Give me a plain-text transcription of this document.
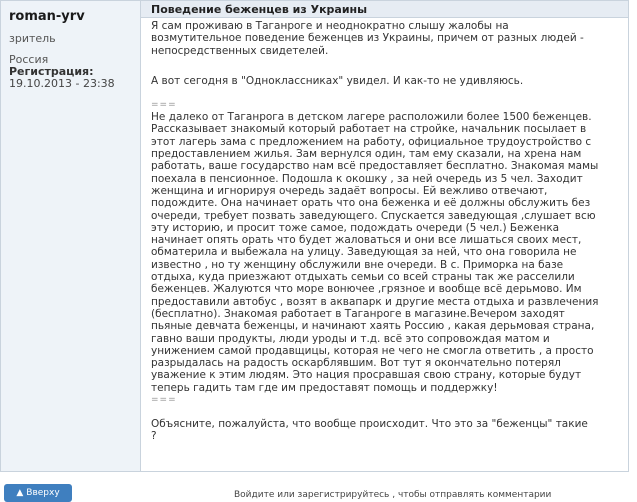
roman-yrv
зритель
Россия
Регистрация:
19.10.2013 - 23:38
Поведение беженцев из Украины

Я сам проживаю в Таганроге и неоднократно слышу жалобы на

возмутительное поведение беженцев из Украины, причем от разных людей -

непосредственных свидетелей.

А вот сегодня в "Одноклассниках" увидел. И как-то не удивляюсь.

===

Не далеко от Таганрога в детском лагере расположили более 1500 беженцев.

Рассказывает знакомый который работает на стройке, начальник посылает в

этот лагерь зама с предложением на работу, официальное трудоустройство с

предоставлением жилья. Зам вернулся один, там ему сказали, на хрена нам

работать, ваше государство нам всё предоставляет бесплатно. Знакомая мамы

поехала в пенсионное. Подошла к окошку , за ней очередь из 5 чел. Заходит

женщина и игнорируя очередь задаёт вопросы. Ей вежливо отвечают,

подождите. Она начинает орать что она беженка и её должны обслужить без

очереди, требует позвать заведующего. Спускается заведующая ,слушает всю

эту историю, и просит тоже самое, подождать очереди (5 чел.) Беженка

начинает опять орать что будет жаловаться и они все лишаться своих мест,

обматерила и выбежала на улицу. Заведующая за ней, что она говорила не

известно , но ту женщину обслужили вне очереди. В с. Приморка на базе

отдыха, куда приезжают отдыхать семьи со всей страны так же расселили

беженцев. Жалуются что море вонючее ,грязное и вообще всё дерьмово. Им

предоставили автобус , возят в аквапарк и другие места отдыха и развлечения

(бесплатно). Знакомая работает в Таганроге в магазине.Вечером заходят

пьяные девчата беженцы, и начинают хаять Россию , какая дерьмовая страна,

гавно ваши продукты, люди уроды и т.д. всё это сопровождая матом и

унижением самой продавщицы, которая не чего не смогла ответить , а просто

разрыдалась на радость оскарблявшим. Вот тут я окончательно потерял

уважение к этим людям. Это нация просравшая свою страну, которые будут

теперь гадить там где им предоставят помощь и поддержку!

===

Объясните, пожалуйста, что вообще происходит. Что это за "беженцы" такие

?

▲ Вверху	Войдите или зарегистрируйтесь , чтобы отправлять комментарии
